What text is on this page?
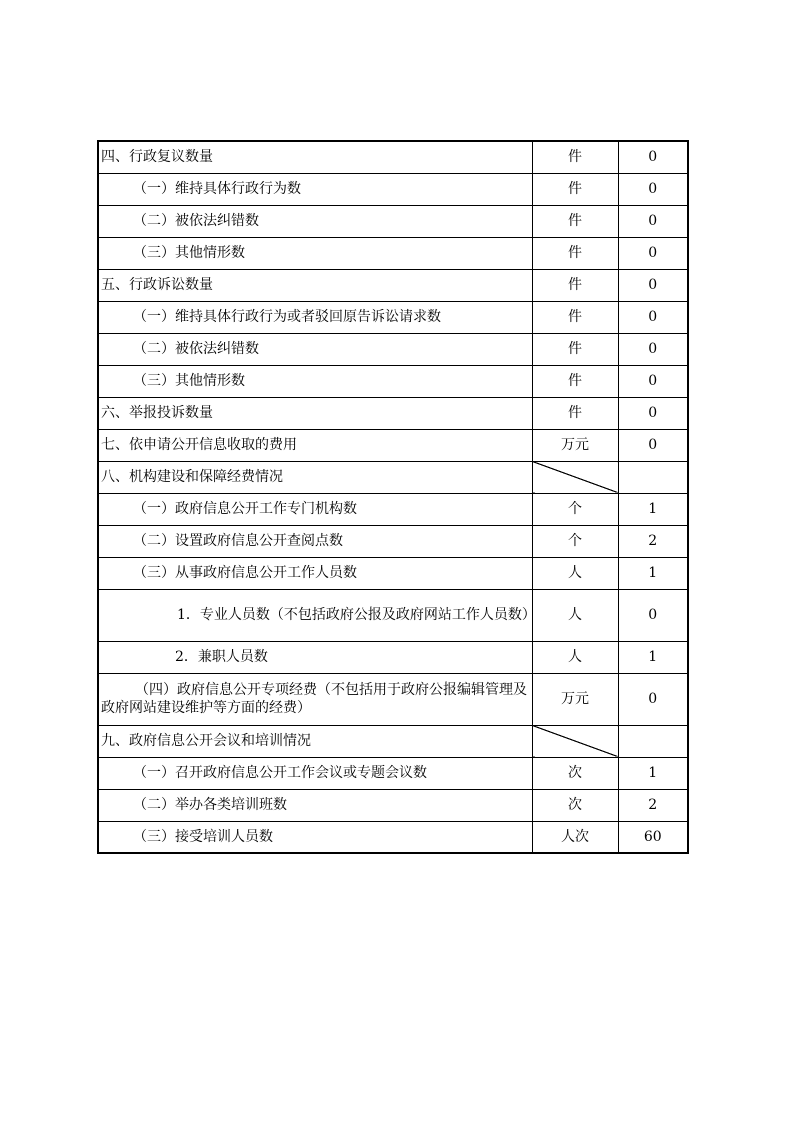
四、行政复议数量	件	0
（一）维持具体行政行为数	件	0
（二）被依法纠错数	件	0
（三）其他情形数	件	0
五、行政诉讼数量	件	0
（一）维持具体行政行为或者驳回原告诉讼请求数	件	0
（二）被依法纠错数	件	0
（三）其他情形数	件	0
六、举报投诉数量	件	0
七、依申请公开信息收取的费用	万元	0
八、机构建设和保障经费情况		
（一）政府信息公开工作专门机构数	个	1
（二）设置政府信息公开查阅点数	个	2
（三）从事政府信息公开工作人员数	人	1
1．专业人员数（不包括政府公报及政府网站工作人员数）	人	0
2．兼职人员数	人	1
（四）政府信息公开专项经费（不包括用于政府公报编辑管理及政府网站建设维护等方面的经费）	万元	0
九、政府信息公开会议和培训情况		
（一）召开政府信息公开工作会议或专题会议数	次	1
（二）举办各类培训班数	次	2
（三）接受培训人员数	人次	60
